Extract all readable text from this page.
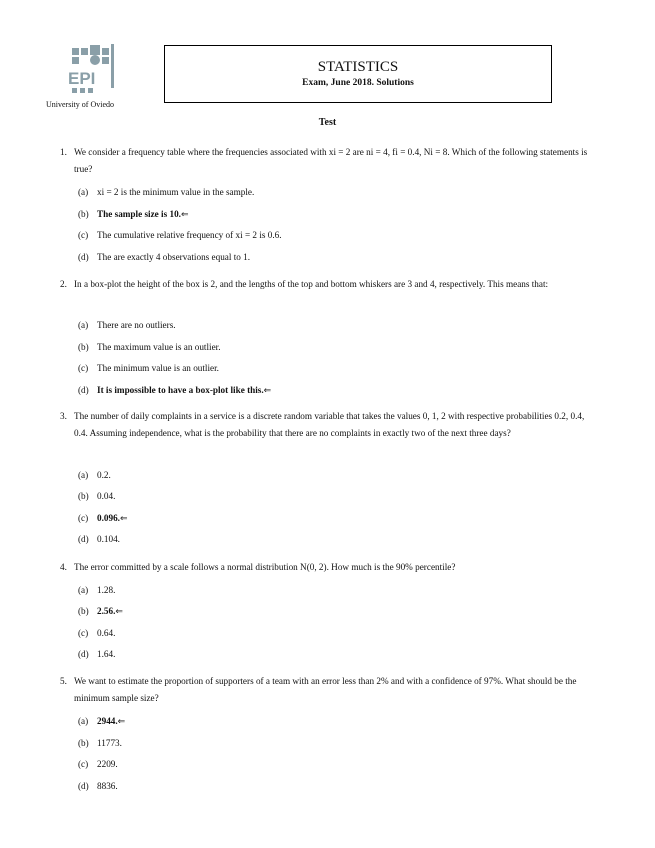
EPI
University of Oviedo
STATISTICS
Exam, June 2018. Solutions
Test
1. We consider a frequency table where the frequencies associated with xi = 2 are ni = 4, fi = 0.4, Ni = 8. Which of the following statements is true?
(a) xi = 2 is the minimum value in the sample.
(b) The sample size is 10.⇐
(c) The cumulative relative frequency of xi = 2 is 0.6.
(d) The are exactly 4 observations equal to 1.
2. In a box-plot the height of the box is 2, and the lengths of the top and bottom whiskers are 3 and 4, respectively. This means that:
(a) There are no outliers.
(b) The maximum value is an outlier.
(c) The minimum value is an outlier.
(d) It is impossible to have a box-plot like this.⇐
3. The number of daily complaints in a service is a discrete random variable that takes the values 0, 1, 2 with respective probabilities 0.2, 0.4, 0.4. Assuming independence, what is the probability that there are no complaints in exactly two of the next three days?
(a) 0.2.
(b) 0.04.
(c) 0.096.⇐
(d) 0.104.
4. The error committed by a scale follows a normal distribution N(0, 2). How much is the 90% percentile?
(a) 1.28.
(b) 2.56.⇐
(c) 0.64.
(d) 1.64.
5. We want to estimate the proportion of supporters of a team with an error less than 2% and with a confidence of 97%. What should be the minimum sample size?
(a) 2944.⇐
(b) 11773.
(c) 2209.
(d) 8836.
